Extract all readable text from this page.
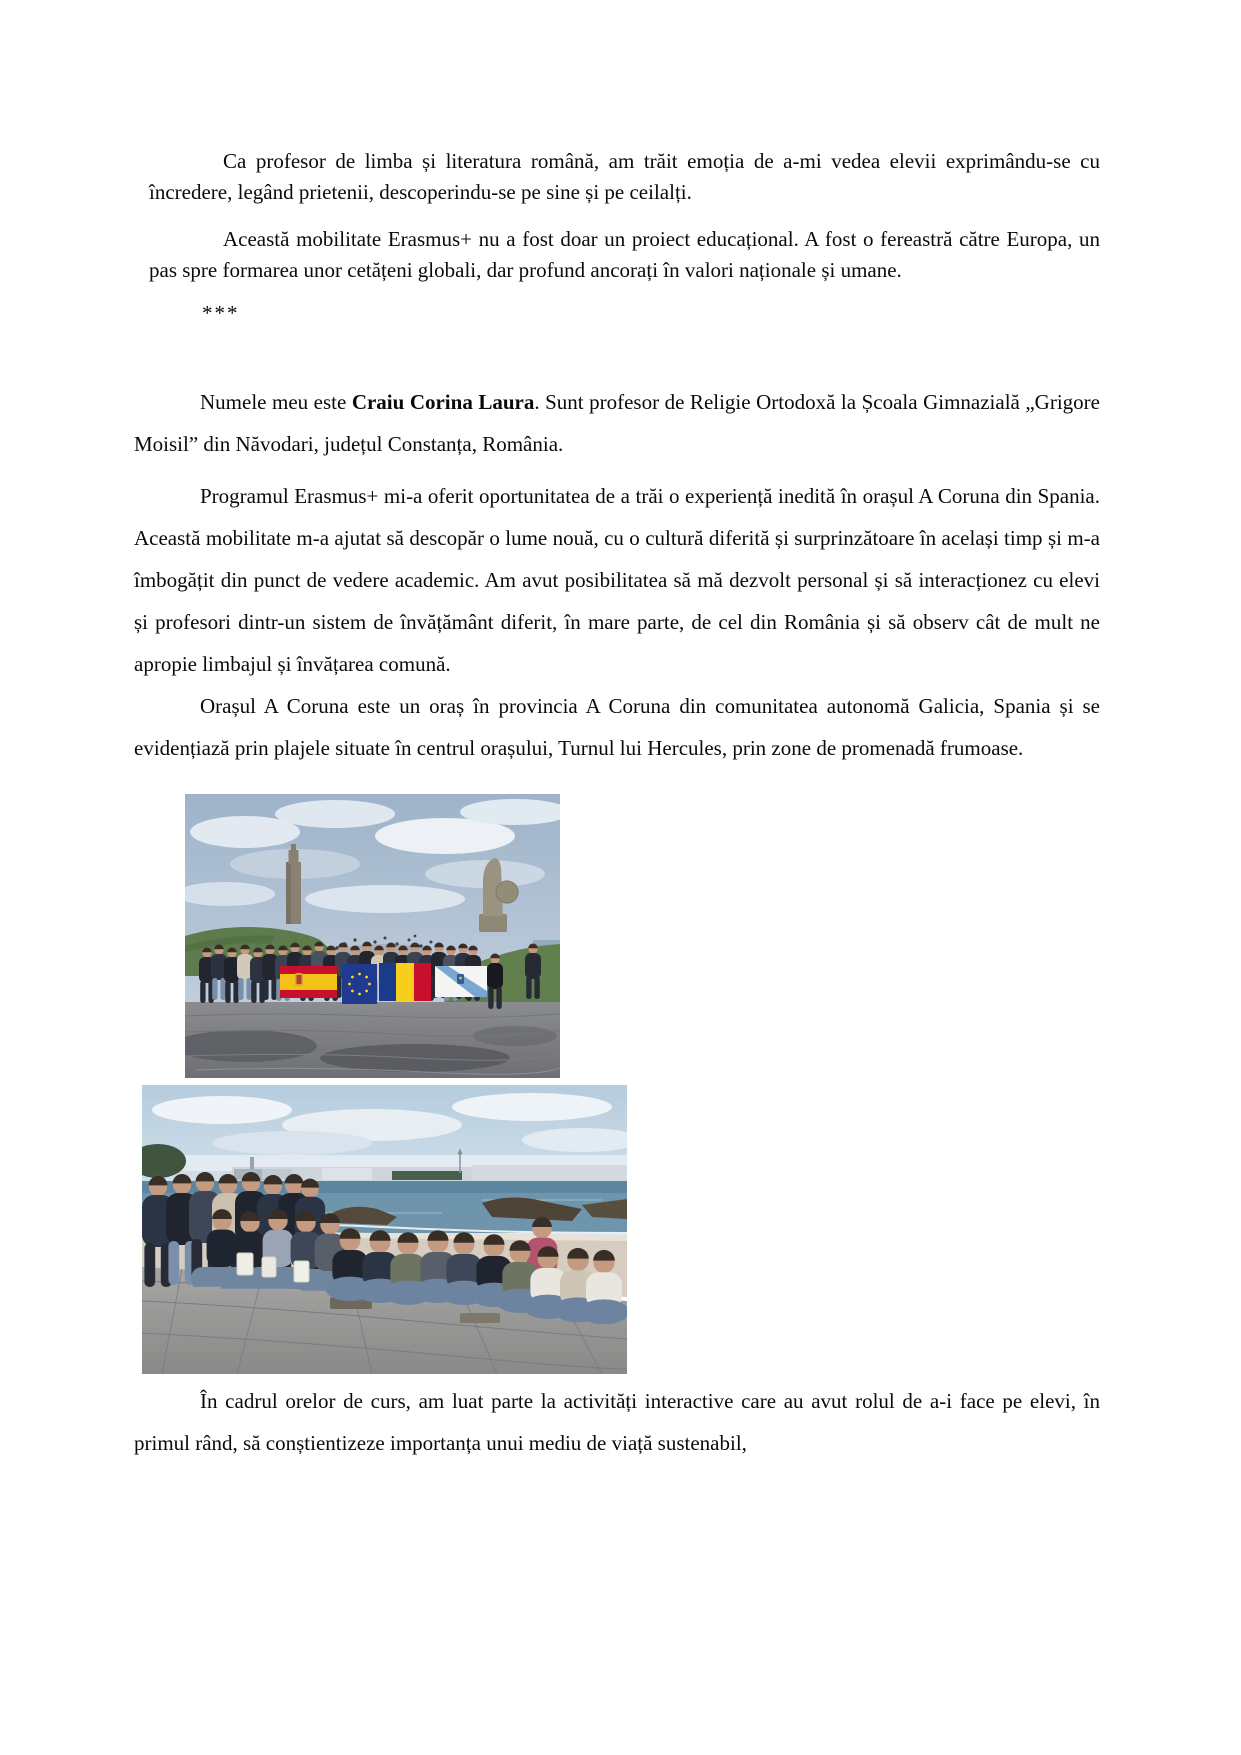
Ca profesor de limba și literatura română, am trăit emoția de a-mi vedea elevii exprimându-se cu încredere, legând prietenii, descoperindu-se pe sine și pe ceilalți.

Această mobilitate Erasmus+ nu a fost doar un proiect educațional. A fost o fereastră către Europa, un pas spre formarea unor cetățeni globali, dar profund ancorați în valori naționale și umane.

***

Numele meu este Craiu Corina Laura. Sunt profesor de Religie Ortodoxă la Școala Gimnazială „Grigore Moisil” din Năvodari, județul Constanța, România.

Programul Erasmus+ mi-a oferit oportunitatea de a trăi o experiență inedită în orașul A Coruna din Spania. Această mobilitate m-a ajutat să descopăr o lume nouă, cu o cultură diferită și surprinzătoare în același timp și m-a îmbogățit din punct de vedere academic. Am avut posibilitatea să mă dezvolt personal și să interacționez cu elevi și profesori dintr-un sistem de învățământ diferit, în mare parte, de cel din România și să observ cât de mult ne apropie limbajul și învățarea comună.

Orașul A Coruna este un oraș în provincia A Coruna din comunitatea autonomă Galicia, Spania și se evidențiază prin plajele situate în centrul orașului, Turnul lui Hercules, prin zone de promenadă frumoase.

În cadrul orelor de curs, am luat parte la activități interactive care au avut rolul de a-i face pe elevi, în primul rând, să conștientizeze importanța unui mediu de viață sustenabil,
